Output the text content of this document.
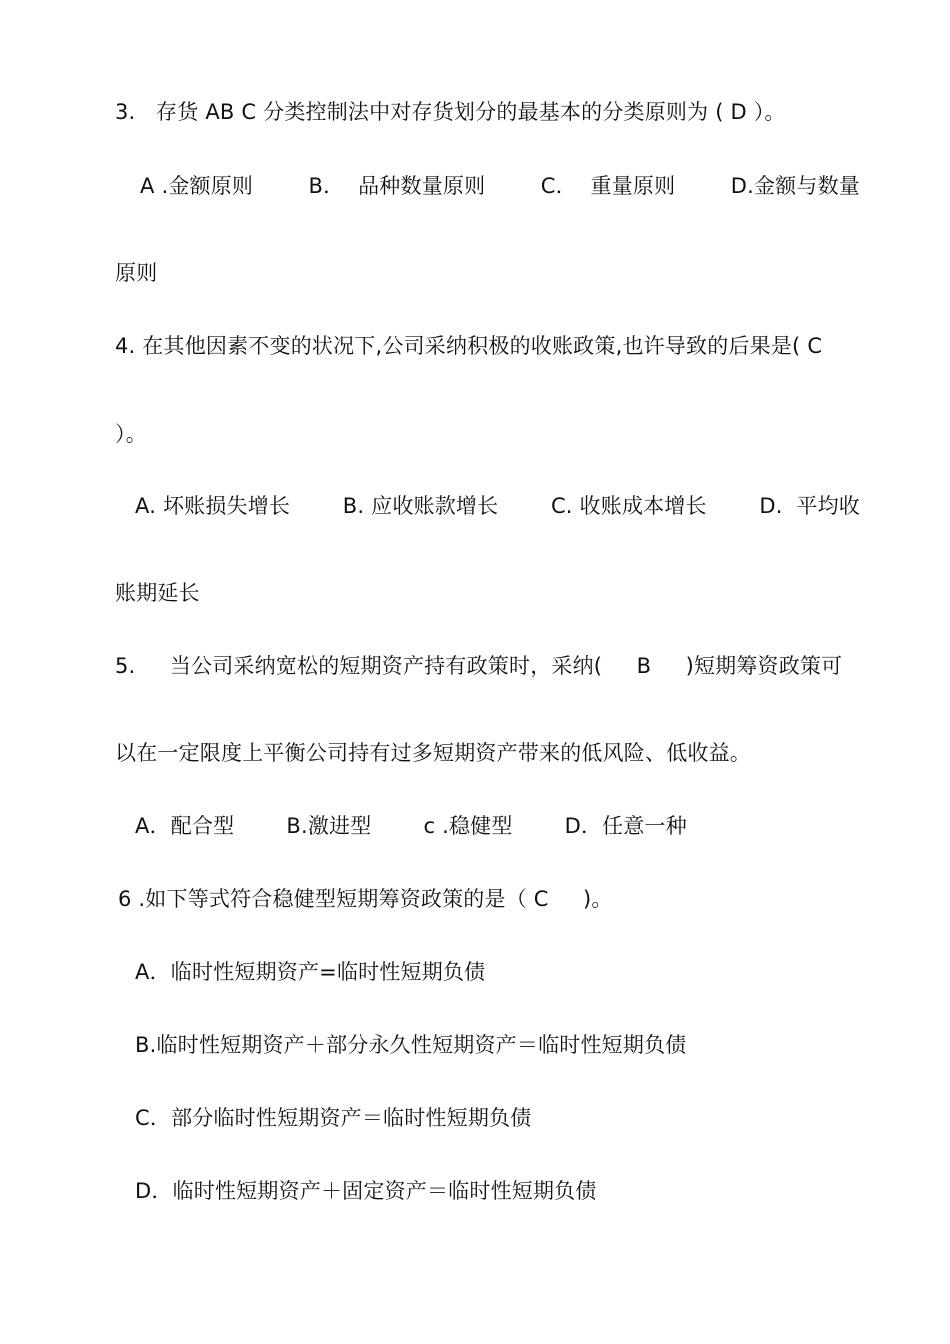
3.   存货 AB C 分类控制法中对存货划分的最基本的分类原则为 ( D ）。
A .金额原则	B．  品种数量原则	C．  重量原则	D.金额与数量
原则
4. 在其他因素不变的状况下,公司采纳积极的收账政策,也许导致的后果是( C
）。
A. 坏账损失增长	B. 应收账款增长	C. 收账成本增长	D.  平均收
账期延长
5.     当公司采纳宽松的短期资产持有政策时，采纳(     B     )短期筹资政策可
以在一定限度上平衡公司持有过多短期资产带来的低风险、低收益。
A．配合型 B.激进型 c .稳健型 D．任意一种
6 .如下等式符合稳健型短期筹资政策的是（ C     )。
A．临时性短期资产=临时性短期负债
B.临时性短期资产＋部分永久性短期资产＝临时性短期负债
C．部分临时性短期资产＝临时性短期负债
D．临时性短期资产＋固定资产＝临时性短期负债
